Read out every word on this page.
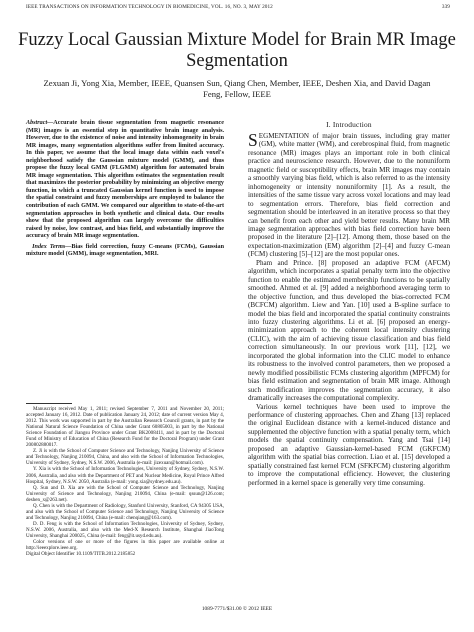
IEEE TRANSACTIONS ON INFORMATION TECHNOLOGY IN BIOMEDICINE, VOL. 16, NO. 3, MAY 2012	339
Fuzzy Local Gaussian Mixture Model for Brain MR Image Segmentation
Zexuan Ji, Yong Xia, Member, IEEE, Quansen Sun, Qiang Chen, Member, IEEE, Deshen Xia, and David Dagan Feng, Fellow, IEEE

Abstract—Accurate brain tissue segmentation from magnetic resonance (MR) images is an essential step in quantitative brain image analysis. However, due to the existence of noise and intensity inhomogeneity in brain MR images, many segmentation algorithms suffer from limited accuracy. In this paper, we assume that the local image data within each voxel's neighborhood satisfy the Gaussian mixture model (GMM), and thus propose the fuzzy local GMM (FLGMM) algorithm for automated brain MR image segmentation. This algorithm estimates the segmentation result that maximizes the posterior probability by minimizing an objective energy function, in which a truncated Gaussian kernel function is used to impose the spatial constraint and fuzzy memberships are employed to balance the contribution of each GMM. We compared our algorithm to state-of-the-art segmentation approaches in both synthetic and clinical data. Our results show that the proposed algorithm can largely overcome the difficulties raised by noise, low contrast, and bias field, and substantially improve the accuracy of brain MR image segmentation.

 Index Terms—Bias field correction, fuzzy C-means (FCMs), Gaussian mixture model (GMM), image segmentation, MRI.

Manuscript received May 1, 2011; revised September 7, 2011 and November 20, 2011; accepted January 16, 2012. Date of publication January 24, 2012; date of current version May 4, 2012. This work was supported in part by the Australian Research Council grants, in part by the National Natural Science Foundation of China under Grant 60805003, in part by the National Science Foundation of Jiangsu Province under Grant BK2008411, and in part by the Doctoral Fund of Ministry of Education of China (Research Fund for the Doctoral Program) under Grant 200802880017.

Z. Ji is with the School of Computer Science and Technology, Nanjing University of Science and Technology, Nanjing 210094, China, and also with the School of Information Technologies, University of Sydney, Sydney, N.S.W. 2006, Australia (e-mail: jizexuan@hotmail.com).

Y. Xia is with the School of Information Technologies, University of Sydney, Sydney, N.S.W. 2006, Australia, and also with the Department of PET and Nuclear Medicine, Royal Prince Alfred Hospital, Sydney, N.S.W. 2050, Australia (e-mail: yong.xia@sydney.edu.au).

Q. Sun and D. Xia are with the School of Computer Science and Technology, Nanjing University of Science and Technology, Nanjing 210094, China (e-mail: qssun@126.com; deshen_x@263.net).

Q. Chen is with the Department of Radiology, Stanford University, Stanford, CA 94305 USA, and also with the School of Computer Science and Technology, Nanjing University of Science and Technology, Nanjing 210094, China (e-mail: chenqiang@163.com).

D. D. Feng is with the School of Information Technologies, University of Sydney, Sydney, N.S.W. 2006, Australia, and also with the Med-X Research Institute, Shanghai JiaoTong University, Shanghai 200025, China (e-mail: feng@it.usyd.edu.au).

Color versions of one or more of the figures in this paper are available online at http://ieeexplore.ieee.org.

Digital Object Identifier 10.1109/TITB.2012.2185852

I. Introduction

SEGMENTATION of major brain tissues, including gray matter (GM), white matter (WM), and cerebrospinal fluid, from magnetic resonance (MR) images plays an important role in both clinical practice and neuroscience research. However, due to the nonuniform magnetic field or susceptibility effects, brain MR images may contain a smoothly varying bias field, which is also referred to as the intensity inhomogeneity or intensity nonuniformity [1]. As a result, the intensities of the same tissue vary across voxel locations and may lead to segmentation errors. Therefore, bias field correction and segmentation should be interleaved in an iterative process so that they can benefit from each other and yield better results. Many brain MR image segmentation approaches with bias field correction have been proposed in the literature [2]–[12]. Among them, those based on the expectation-maximization (EM) algorithm [2]–[4] and fuzzy C-mean (FCM) clustering [5]–[12] are the most popular ones.

Pham and Prince. [8] proposed an adaptive FCM (AFCM) algorithm, which incorporates a spatial penalty term into the objective function to enable the estimated membership functions to be spatially smoothed. Ahmed et al. [9] added a neighborhood averaging term to the objective function, and thus developed the bias-corrected FCM (BCFCM) algorithm. Liew and Yan. [10] used a B-spline surface to model the bias field and incorporated the spatial continuity constraints into fuzzy clustering algorithms. Li et al. [6] proposed an energy-minimization approach to the coherent local intensity clustering (CLIC), with the aim of achieving tissue classification and bias field correction simultaneously. In our previous work [11], [12], we incorporated the global information into the CLIC model to enhance its robustness to the involved control parameters, then we proposed a newly modified possibilistic FCMs clustering algorithm (MPFCM) for bias field estimation and segmentation of brain MR image. Although such modification improves the segmentation accuracy, it also dramatically increases the computational complexity.

Various kernel techniques have been used to improve the performance of clustering approaches. Chen and Zhang [13] replaced the original Euclidean distance with a kernel-induced distance and supplemented the objective function with a spatial penalty term, which models the spatial continuity compensation. Yang and Tsai [14] proposed an adaptive Gaussian-kernel-based FCM (GKFCM) algorithm with the spatial bias correction. Liao et al. [15] developed a spatially constrained fast kernel FCM (SFKFCM) clustering algorithm to improve the computational efficiency. However, the clustering performed in a kernel space is generally very time consuming.

1089-7771/$31.00 © 2012 IEEE
